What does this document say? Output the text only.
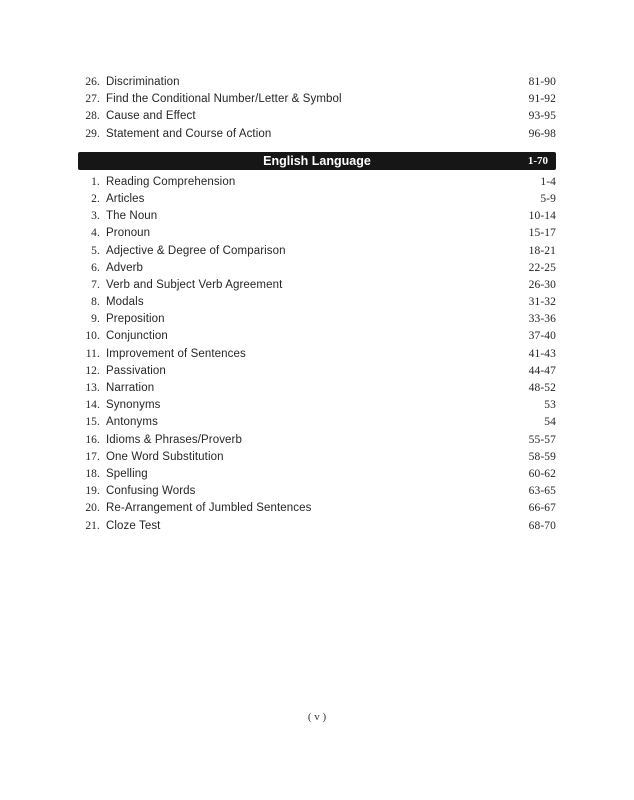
26. Discrimination	81-90
27. Find the Conditional Number/Letter & Symbol	91-92
28. Cause and Effect	93-95
29. Statement and Course of Action	96-98
English Language	1-70
1. Reading Comprehension	1-4
2. Articles	5-9
3. The Noun	10-14
4. Pronoun	15-17
5. Adjective & Degree of Comparison	18-21
6. Adverb	22-25
7. Verb and Subject Verb Agreement	26-30
8. Modals	31-32
9. Preposition	33-36
10. Conjunction	37-40
11. Improvement of Sentences	41-43
12. Passivation	44-47
13. Narration	48-52
14. Synonyms	53
15. Antonyms	54
16. Idioms & Phrases/Proverb	55-57
17. One Word Substitution	58-59
18. Spelling	60-62
19. Confusing Words	63-65
20. Re-Arrangement of Jumbled Sentences	66-67
21. Cloze Test	68-70
( v )
